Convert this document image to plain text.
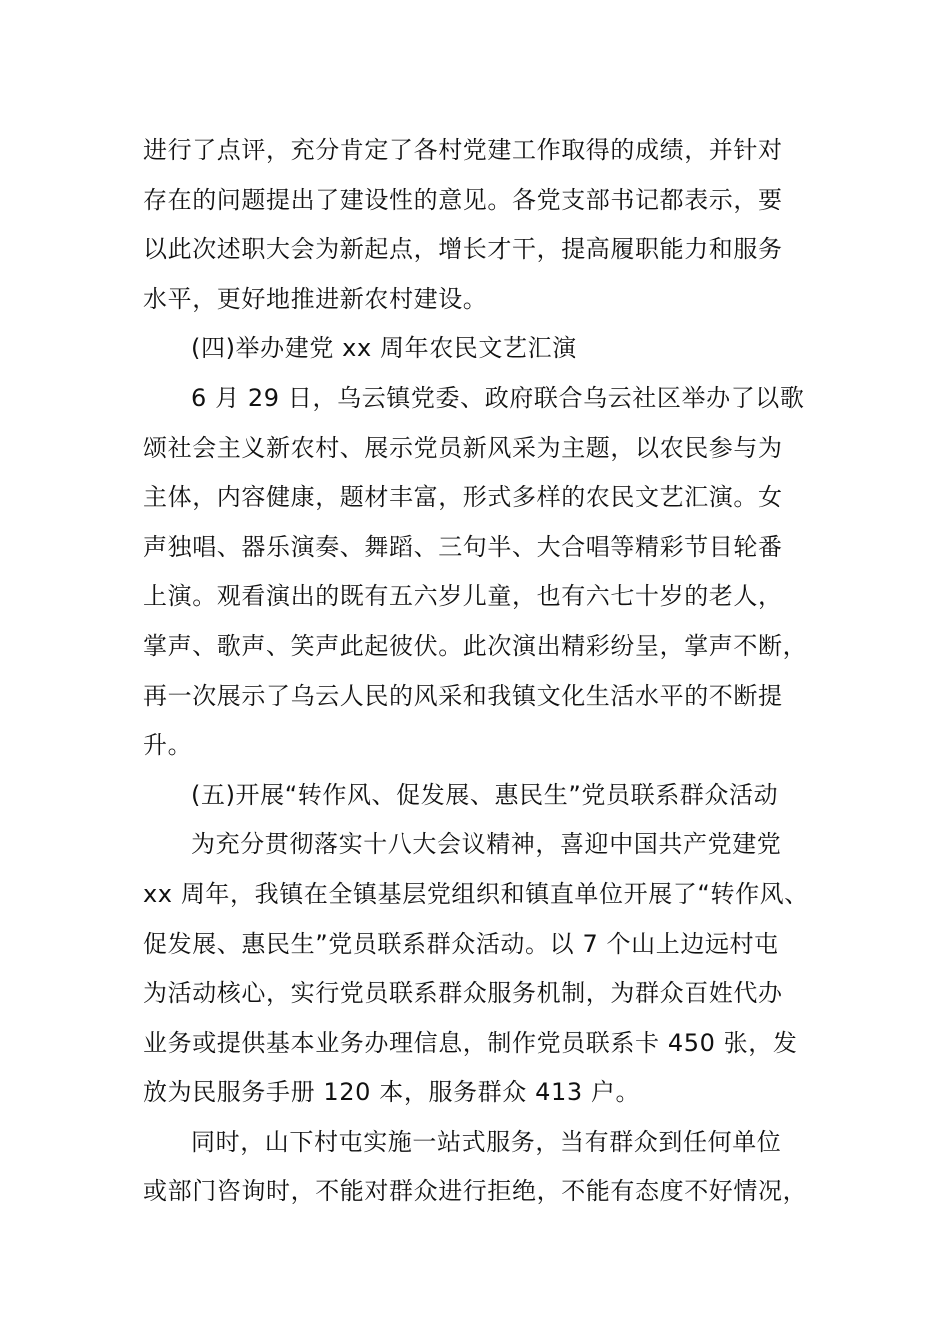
进行了点评，充分肯定了各村党建工作取得的成绩，并针对

存在的问题提出了建设性的意见。各党支部书记都表示，要

以此次述职大会为新起点，增长才干，提高履职能力和服务

水平，更好地推进新农村建设。

(四)举办建党 xx 周年农民文艺汇演

6 月 29 日，乌云镇党委、政府联合乌云社区举办了以歌

颂社会主义新农村、展示党员新风采为主题，以农民参与为

主体，内容健康，题材丰富，形式多样的农民文艺汇演。女

声独唱、器乐演奏、舞蹈、三句半、大合唱等精彩节目轮番

上演。观看演出的既有五六岁儿童，也有六七十岁的老人，

掌声、歌声、笑声此起彼伏。此次演出精彩纷呈，掌声不断，

再一次展示了乌云人民的风采和我镇文化生活水平的不断提

升。

(五)开展“转作风、促发展、惠民生”党员联系群众活动

为充分贯彻落实十八大会议精神，喜迎中国共产党建党

xx 周年，我镇在全镇基层党组织和镇直单位开展了“转作风、

促发展、惠民生”党员联系群众活动。以 7 个山上边远村屯

为活动核心，实行党员联系群众服务机制，为群众百姓代办

业务或提供基本业务办理信息，制作党员联系卡 450 张，发

放为民服务手册 120 本，服务群众 413 户。

同时，山下村屯实施一站式服务，当有群众到任何单位

或部门咨询时，不能对群众进行拒绝，不能有态度不好情况，
